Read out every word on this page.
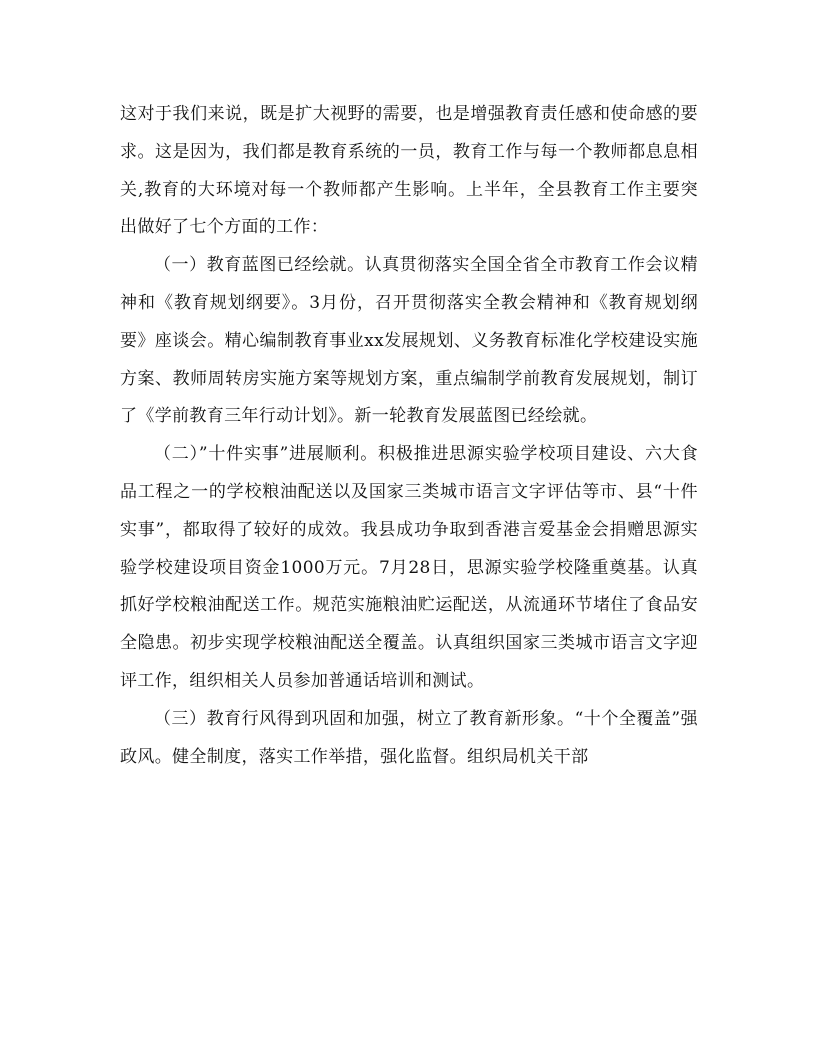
这对于我们来说，既是扩大视野的需要，也是增强教育责任感和使命感的要求。这是因为，我们都是教育系统的一员，教育工作与每一个教师都息息相关,教育的大环境对每一个教师都产生影响。上半年，全县教育工作主要突出做好了七个方面的工作：

（一）教育蓝图已经绘就。认真贯彻落实全国全省全市教育工作会议精神和《教育规划纲要》。3月份，召开贯彻落实全教会精神和《教育规划纲要》座谈会。精心编制教育事业xx发展规划、义务教育标准化学校建设实施方案、教师周转房实施方案等规划方案，重点编制学前教育发展规划，制订了《学前教育三年行动计划》。新一轮教育发展蓝图已经绘就。

（二）”十件实事”进展顺利。积极推进思源实验学校项目建设、六大食品工程之一的学校粮油配送以及国家三类城市语言文字评估等市、县“十件实事”，都取得了较好的成效。我县成功争取到香港言爱基金会捐赠思源实验学校建设项目资金1000万元。7月28日，思源实验学校隆重奠基。认真抓好学校粮油配送工作。规范实施粮油贮运配送，从流通环节堵住了食品安全隐患。初步实现学校粮油配送全覆盖。认真组织国家三类城市语言文字迎评工作，组织相关人员参加普通话培训和测试。

（三）教育行风得到巩固和加强，树立了教育新形象。“十个全覆盖”强政风。健全制度，落实工作举措，强化监督。组织局机关干部
